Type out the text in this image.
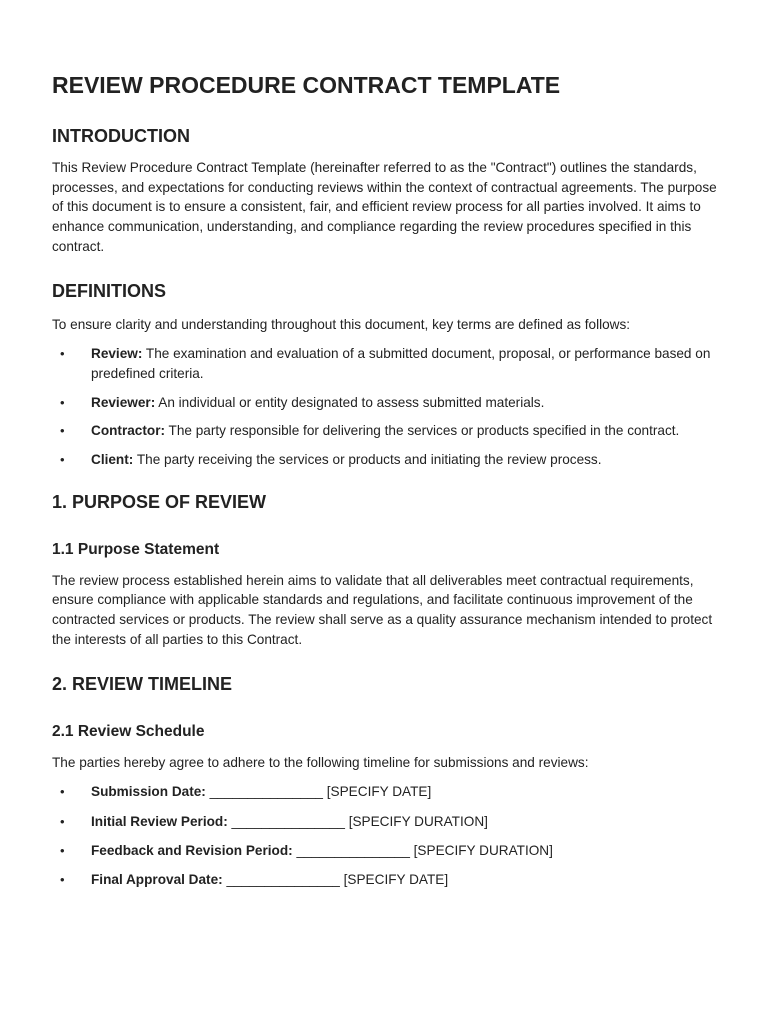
REVIEW PROCEDURE CONTRACT TEMPLATE
INTRODUCTION

This Review Procedure Contract Template (hereinafter referred to as the "Contract") outlines the standards, processes, and expectations for conducting reviews within the context of contractual agreements. The purpose of this document is to ensure a consistent, fair, and efficient review process for all parties involved. It aims to enhance communication, understanding, and compliance regarding the review procedures specified in this contract.

DEFINITIONS

To ensure clarity and understanding throughout this document, key terms are defined as follows:

• Review: The examination and evaluation of a submitted document, proposal, or performance based on predefined criteria.
• Reviewer: An individual or entity designated to assess submitted materials.
• Contractor: The party responsible for delivering the services or products specified in the contract.
• Client: The party receiving the services or products and initiating the review process.
1. PURPOSE OF REVIEW
1.1 Purpose Statement

The review process established herein aims to validate that all deliverables meet contractual requirements, ensure compliance with applicable standards and regulations, and facilitate continuous improvement of the contracted services or products. The review shall serve as a quality assurance mechanism intended to protect the interests of all parties to this Contract.

2. REVIEW TIMELINE
2.1 Review Schedule

The parties hereby agree to adhere to the following timeline for submissions and reviews:

• Submission Date: _______________ [SPECIFY DATE]
• Initial Review Period: _______________ [SPECIFY DURATION]
• Feedback and Revision Period: _______________ [SPECIFY DURATION]
• Final Approval Date: _______________ [SPECIFY DATE]
